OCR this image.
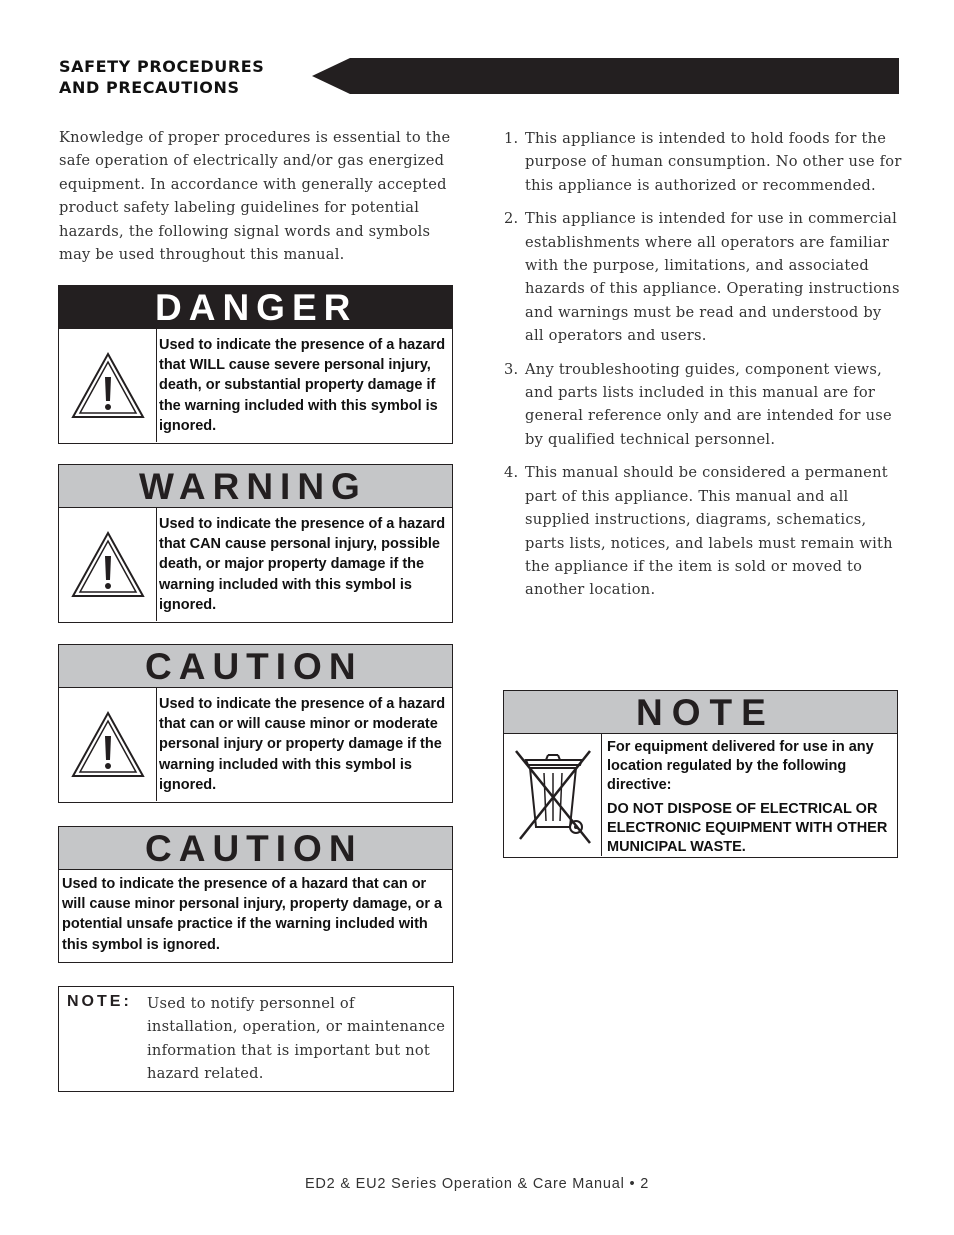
SAFETY PROCEDURES
AND PRECAUTIONS

Knowledge of proper procedures is essential to the safe operation of electrically and/or gas energized equipment. In accordance with generally accepted product safety labeling guidelines for potential hazards, the following signal words and symbols may be used throughout this manual.

DANGER
Used to indicate the presence of a hazard that WILL cause severe personal injury, death, or substantial property damage if the warning included with this symbol is ignored.
WARNING
Used to indicate the presence of a hazard that CAN cause personal injury, possible death, or major property damage if the warning included with this symbol is ignored.
CAUTION
Used to indicate the presence of a hazard that can or will cause minor or moderate personal injury or property damage if the warning included with this symbol is ignored.
CAUTION
Used to indicate the presence of a hazard that can or will cause minor personal injury, property damage, or a potential unsafe practice if the warning included with this symbol is ignored.
NOTE: Used to notify personnel of installation, operation, or maintenance information that is important but not hazard related.
1. This appliance is intended to hold foods for the purpose of human consumption. No other use for this appliance is authorized or recommended.
2. This appliance is intended for use in commercial establishments where all operators are familiar with the purpose, limitations, and associated hazards of this appliance. Operating instructions and warnings must be read and understood by all operators and users.
3. Any troubleshooting guides, component views, and parts lists included in this manual are for general reference only and are intended for use by qualified technical personnel.
4. This manual should be considered a permanent part of this appliance. This manual and all supplied instructions, diagrams, schematics, parts lists, notices, and labels must remain with the appliance if the item is sold or moved to another location.
NOTE

For equipment delivered for use in any location regulated by the following directive:

DO NOT DISPOSE OF ELECTRICAL OR ELECTRONIC EQUIPMENT WITH OTHER MUNICIPAL WASTE.

ED2 & EU2 Series Operation & Care Manual • 2
